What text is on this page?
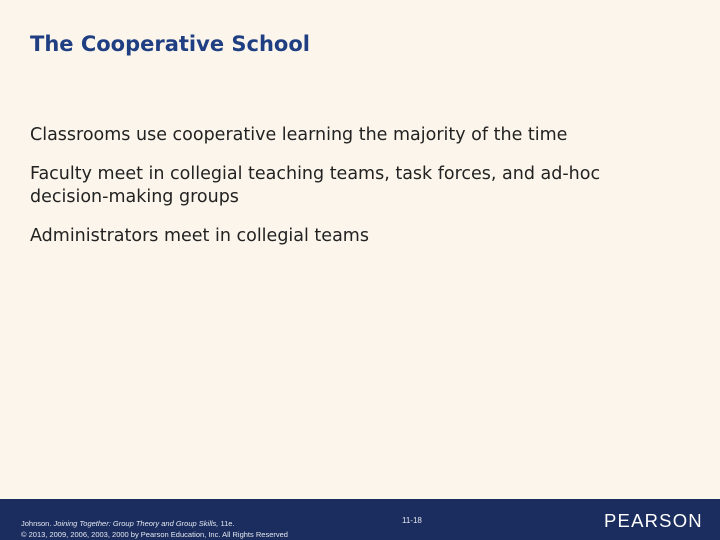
The Cooperative School
Classrooms use cooperative learning the majority of the time
Faculty meet in collegial teaching teams, task forces, and ad-hoc decision-making groups
Administrators meet in collegial teams
Johnson. Joining Together: Group Theory and Group Skills, 11e.
© 2013, 2009, 2006, 2003, 2000 by Pearson Education, Inc. All Rights Reserved
11-18	PEARSON
